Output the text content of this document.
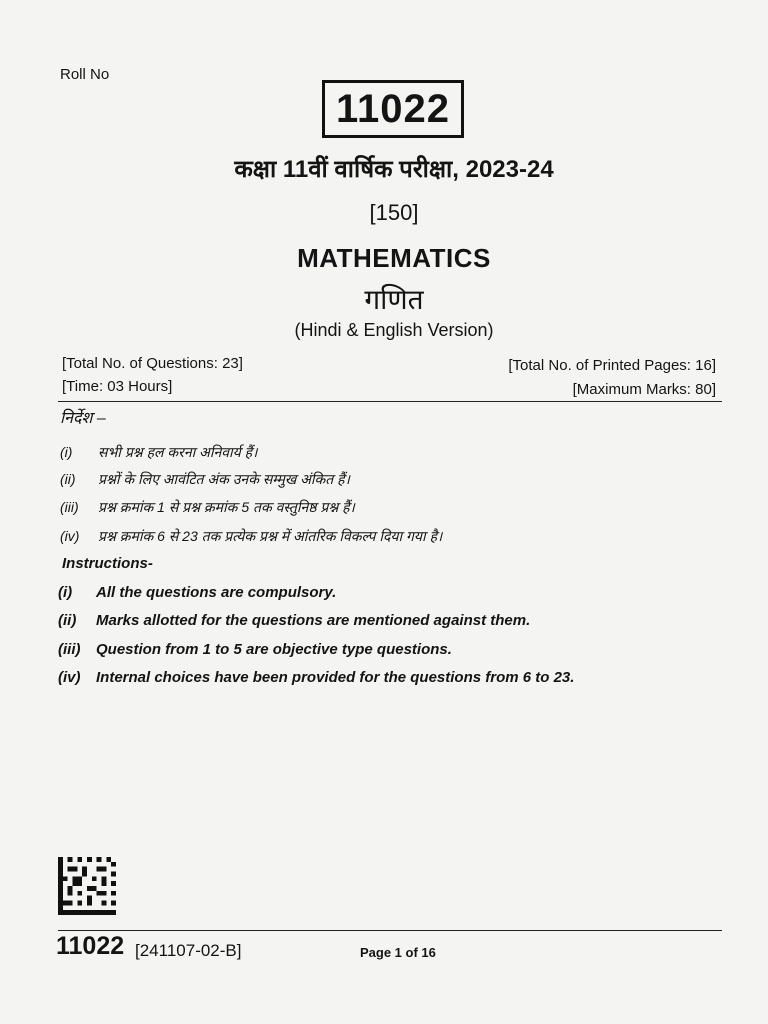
Roll No
11022
कक्षा 11वीं वार्षिक परीक्षा, 2023-24
[150]
MATHEMATICS
गणित
(Hindi & English Version)
[Total No. of Questions: 23]	[Total No. of Printed Pages: 16]
[Time: 03 Hours]	[Maximum Marks: 80]
निर्देश –
(i) सभी प्रश्न हल करना अनिवार्य हैं।
(ii) प्रश्नों के लिए आवंटित अंक उनके सम्मुख अंकित हैं।
(iii) प्रश्न क्रमांक 1 से प्रश्न क्रमांक 5 तक वस्तुनिष्ठ प्रश्न हैं।
(iv) प्रश्न क्रमांक 6 से 23 तक प्रत्येक प्रश्न में आंतरिक विकल्प दिया गया है।
Instructions-
(i) All the questions are compulsory.
(ii) Marks allotted for the questions are mentioned against them.
(iii) Question from 1 to 5 are objective type questions.
(iv) Internal choices have been provided for the questions from 6 to 23.
11022 [241107-02-B]	Page 1 of 16
